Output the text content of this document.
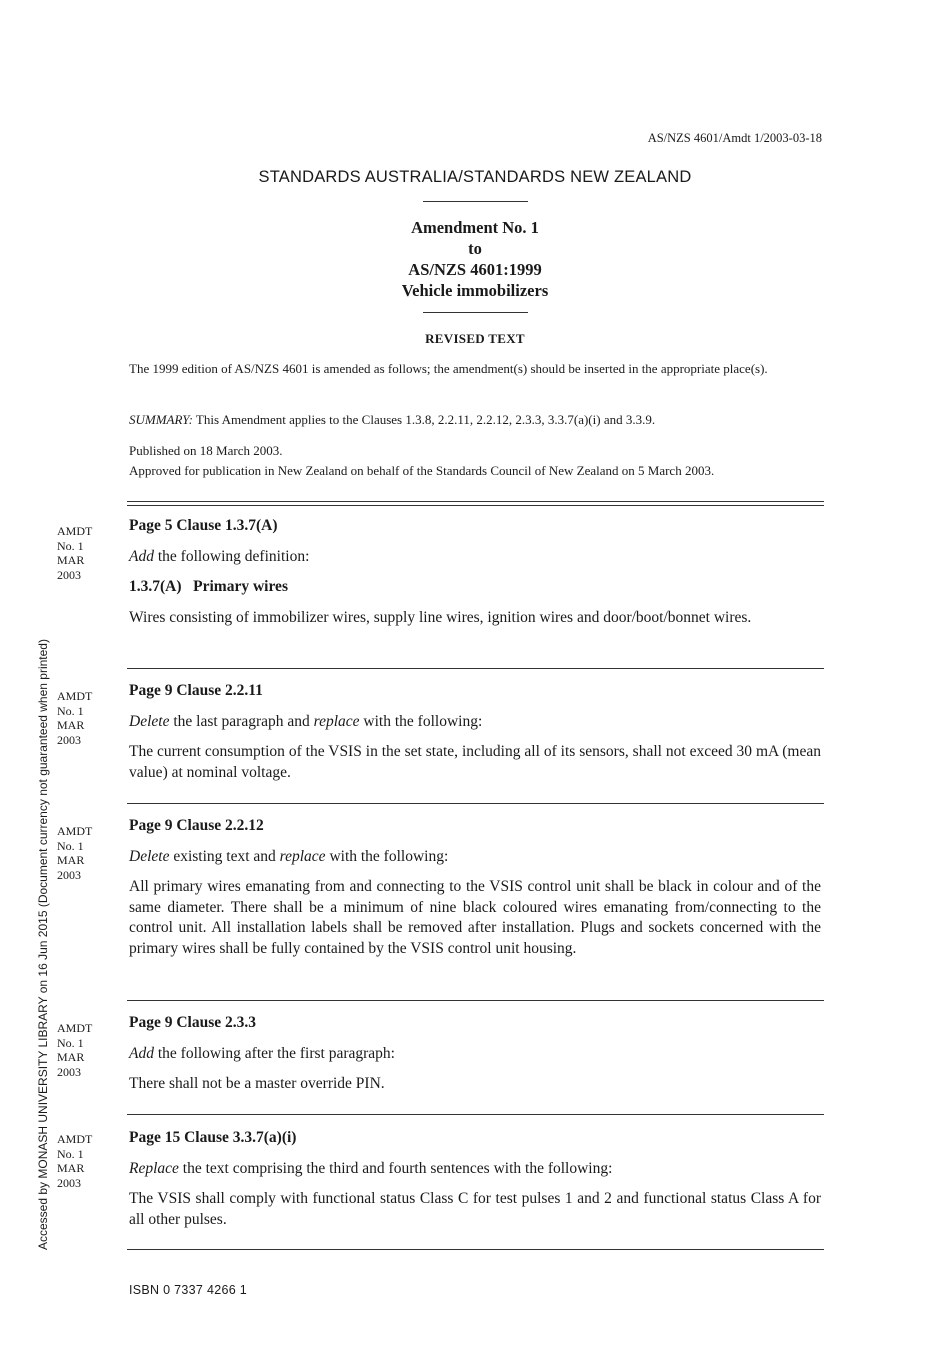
AS/NZS 4601/Amdt 1/2003-03-18
STANDARDS AUSTRALIA/STANDARDS NEW ZEALAND
Amendment No. 1
to
AS/NZS 4601:1999
Vehicle immobilizers
REVISED TEXT
The 1999 edition of AS/NZS 4601 is amended as follows; the amendment(s) should be inserted in the appropriate place(s).
SUMMARY: This Amendment applies to the Clauses 1.3.8, 2.2.11, 2.2.12, 2.3.3, 3.3.7(a)(i) and 3.3.9.
Published on 18 March 2003.
Approved for publication in New Zealand on behalf of the Standards Council of New Zealand on 5 March 2003.
AMDT
No. 1
MAR
2003

Page 5 Clause 1.3.7(A)

Add the following definition:

1.3.7(A)   Primary wires

Wires consisting of immobilizer wires, supply line wires, ignition wires and door/boot/bonnet wires.

AMDT
No. 1
MAR
2003

Page 9 Clause 2.2.11

Delete the last paragraph and replace with the following:

The current consumption of the VSIS in the set state, including all of its sensors, shall not exceed 30 mA (mean value) at nominal voltage.

AMDT
No. 1
MAR
2003

Page 9 Clause 2.2.12

Delete existing text and replace with the following:

All primary wires emanating from and connecting to the VSIS control unit shall be black in colour and of the same diameter. There shall be a minimum of nine black coloured wires emanating from/connecting to the control unit. All installation labels shall be removed after installation. Plugs and sockets concerned with the primary wires shall be fully contained by the VSIS control unit housing.

AMDT
No. 1
MAR
2003

Page 9 Clause 2.3.3

Add the following after the first paragraph:

There shall not be a master override PIN.

AMDT
No. 1
MAR
2003

Page 15 Clause 3.3.7(a)(i)

Replace the text comprising the third and fourth sentences with the following:

The VSIS shall comply with functional status Class C for test pulses 1 and 2 and functional status Class A for all other pulses.

Accessed by MONASH UNIVERSITY LIBRARY on 16 Jun 2015 (Document currency not guaranteed when printed)
ISBN 0 7337 4266 1
